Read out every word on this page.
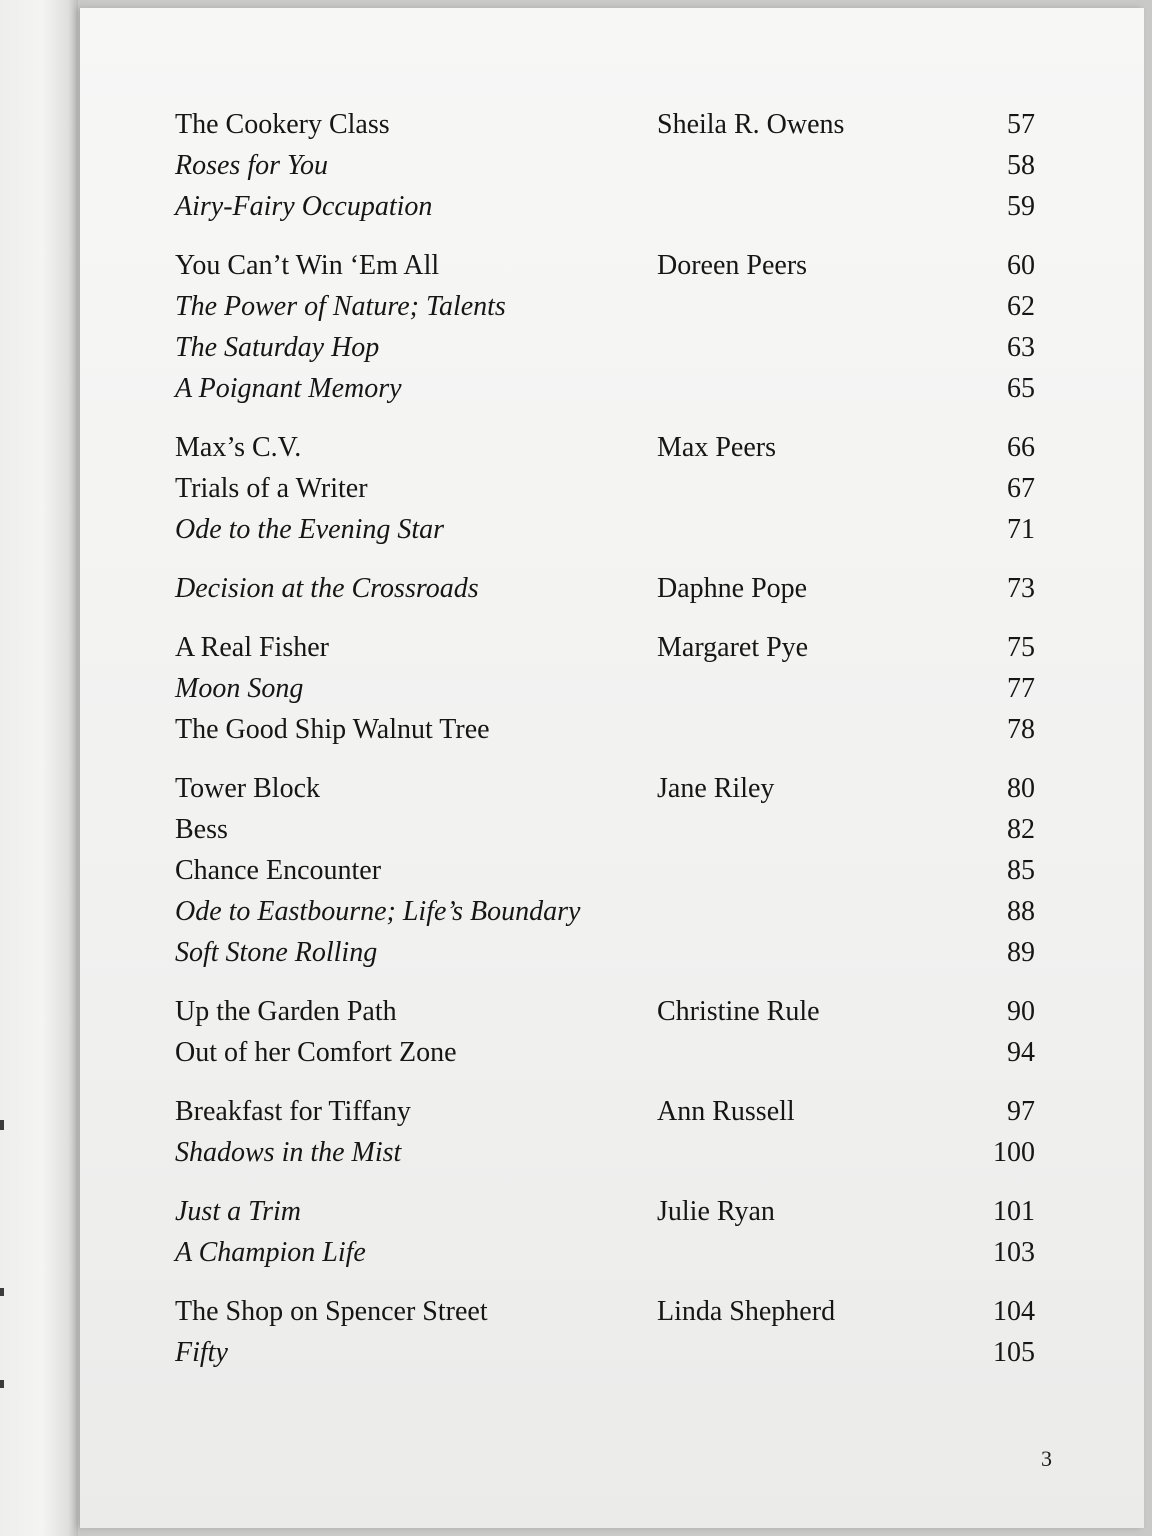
The Cookery Class	Sheila R. Owens	57
Roses for You	58
Airy-Fairy Occupation	59
You Can’t Win ‘Em All	Doreen Peers	60
The Power of Nature; Talents	62
The Saturday Hop	63
A Poignant Memory	65
Max’s C.V.	Max Peers	66
Trials of a Writer	67
Ode to the Evening Star	71
Decision at the Crossroads	Daphne Pope	73
A Real Fisher	Margaret Pye	75
Moon Song	77
The Good Ship Walnut Tree	78
Tower Block	Jane Riley	80
Bess	82
Chance Encounter	85
Ode to Eastbourne; Life’s Boundary	88
Soft Stone Rolling	89
Up the Garden Path	Christine Rule	90
Out of her Comfort Zone	94
Breakfast for Tiffany	Ann Russell	97
Shadows in the Mist	100
Just a Trim	Julie Ryan	101
A Champion Life	103
The Shop on Spencer Street	Linda Shepherd	104
Fifty	105
3
